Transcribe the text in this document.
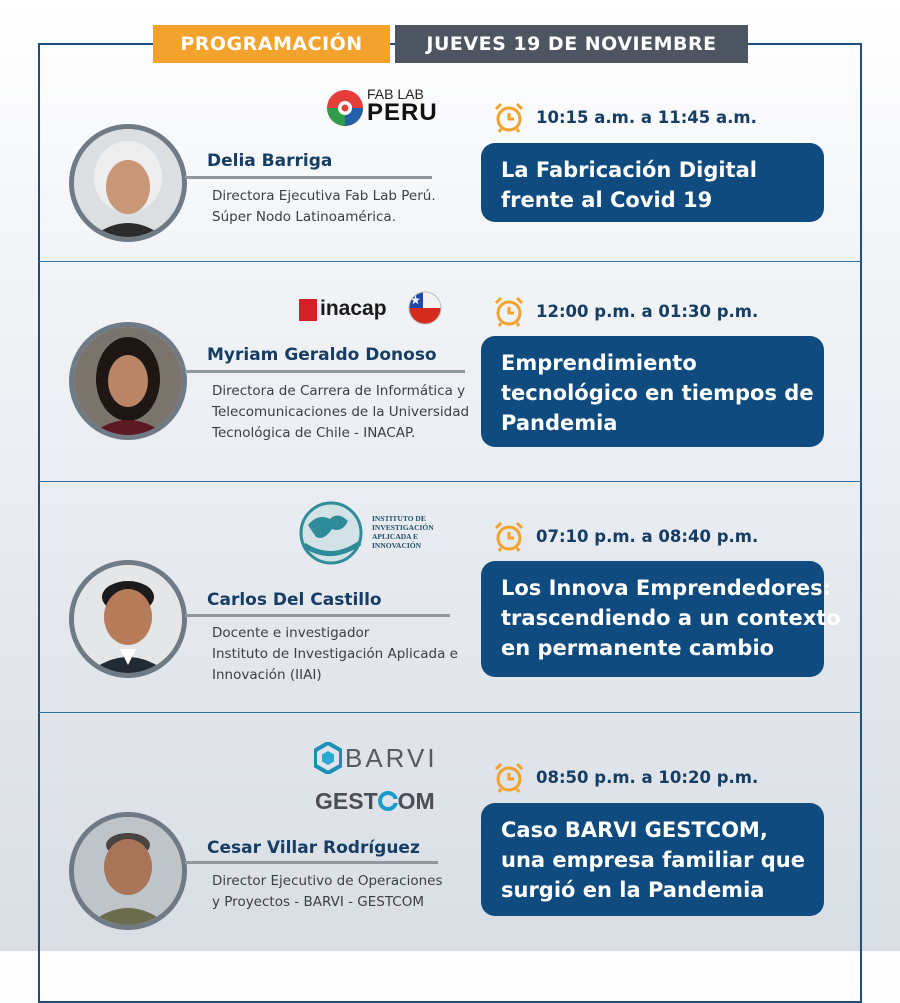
PROGRAMACIÓN	JUEVES 19 DE NOVIEMBRE
FAB LAB
PERU
Delia Barriga
Directora Ejecutiva Fab Lab Perú.
Súper Nodo Latinoamérica.
10:15 a.m. a 11:45 a.m.
La Fabricación Digital
frente al Covid 19
inacap
Myriam Geraldo Donoso
Directora de Carrera de Informática y
Telecomunicaciones de la Universidad
Tecnológica de Chile - INACAP.
12:00 p.m. a 01:30 p.m.
Emprendimiento
tecnológico en tiempos de
Pandemia
INSTITUTO DE
INVESTIGACIÓN
APLICADA E
INNOVACIÓN
Carlos Del Castillo
Docente e investigador
Instituto de Investigación Aplicada e
Innovación (IIAI)
07:10 p.m. a 08:40 p.m.
Los Innova Emprendedores:
trascendiendo a un contexto
en permanente cambio
BARVI
GEST OM
Cesar Villar Rodríguez
Director Ejecutivo de Operaciones
y Proyectos - BARVI - GESTCOM
08:50 p.m. a 10:20 p.m.
Caso BARVI GESTCOM,
una empresa familiar que
surgió en la Pandemia
